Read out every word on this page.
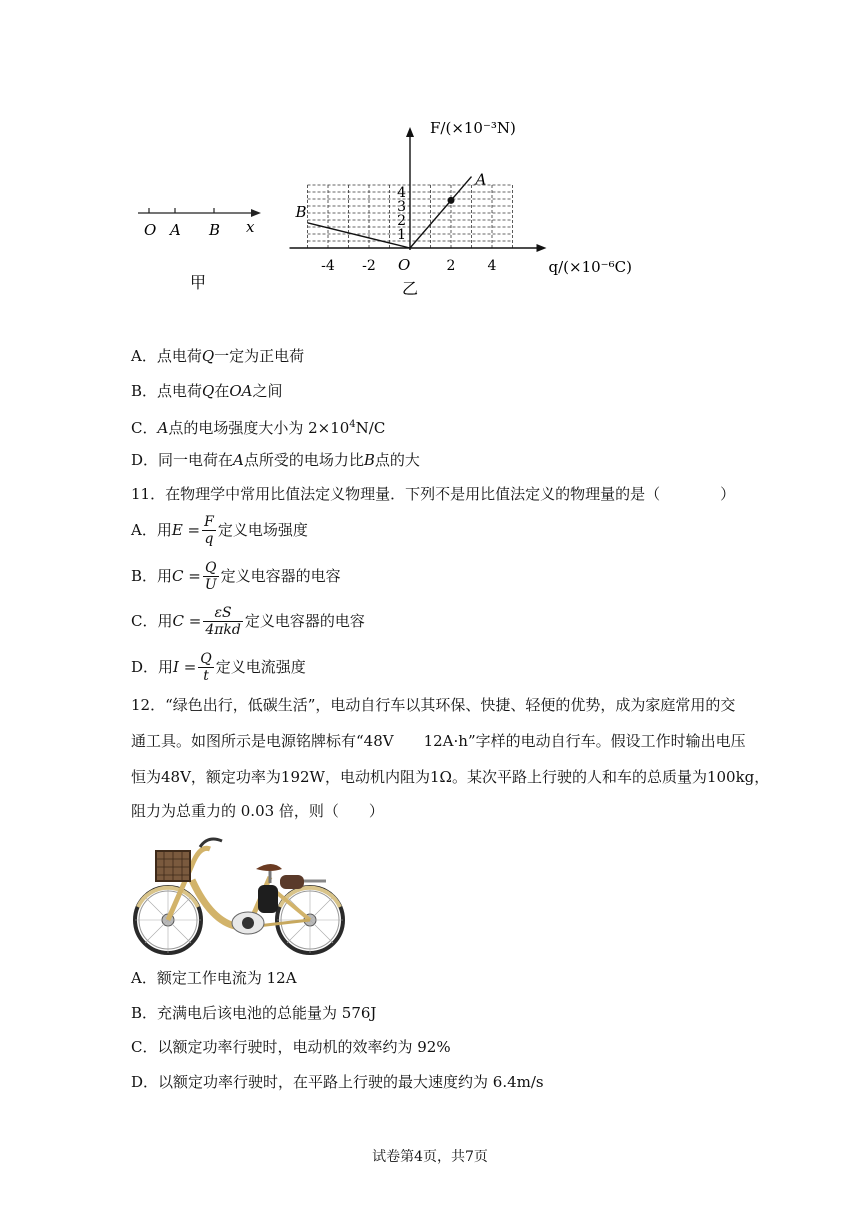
O A B x
甲
-4 -2	2 4
1
2
3
4
O
F/(×10⁻³N)
q/(×10⁻⁶C)
A
B
乙
A．点电荷Q一定为正电荷
B．点电荷Q在OA之间
C．A点的电场强度大小为 $2\times 10^4N/C$
D．同一电荷在A点所受的电场力比B点的大
11．在物理学中常用比值法定义物理量．下列不是用比值法定义的物理量的是（　　　　）
A．用 $E = \frac{F}{q}$ 定义电场强度
B．用 $C = \frac{Q}{U}$ 定义电容器的电容
C．用 $C = \frac{\varepsilon S}{\text{4πkd}}$ 定义电容器的电容
D．用 $I = \frac{Q}{t}$ 定义电流强度
12．“绿色出行，低碳生活”，电动自行车以其环保、快捷、轻便的优势，成为家庭常用的交
通工具。如图所示是电源铭牌标有“48V　　12A·h”字样的电动自行车。假设工作时输出电压
恒为48V，额定功率为192W，电动机内阻为1Ω。某次平路上行驶的人和车的总质量为100kg，
阻力为总重力的 0.03 倍，则（　　）
A．额定工作电流为 12A
B．充满电后该电池的总能量为 576J
C．以额定功率行驶时，电动机的效率约为 92%
D．以额定功率行驶时，在平路上行驶的最大速度约为 6.4m/s
试卷第4页，共7页
